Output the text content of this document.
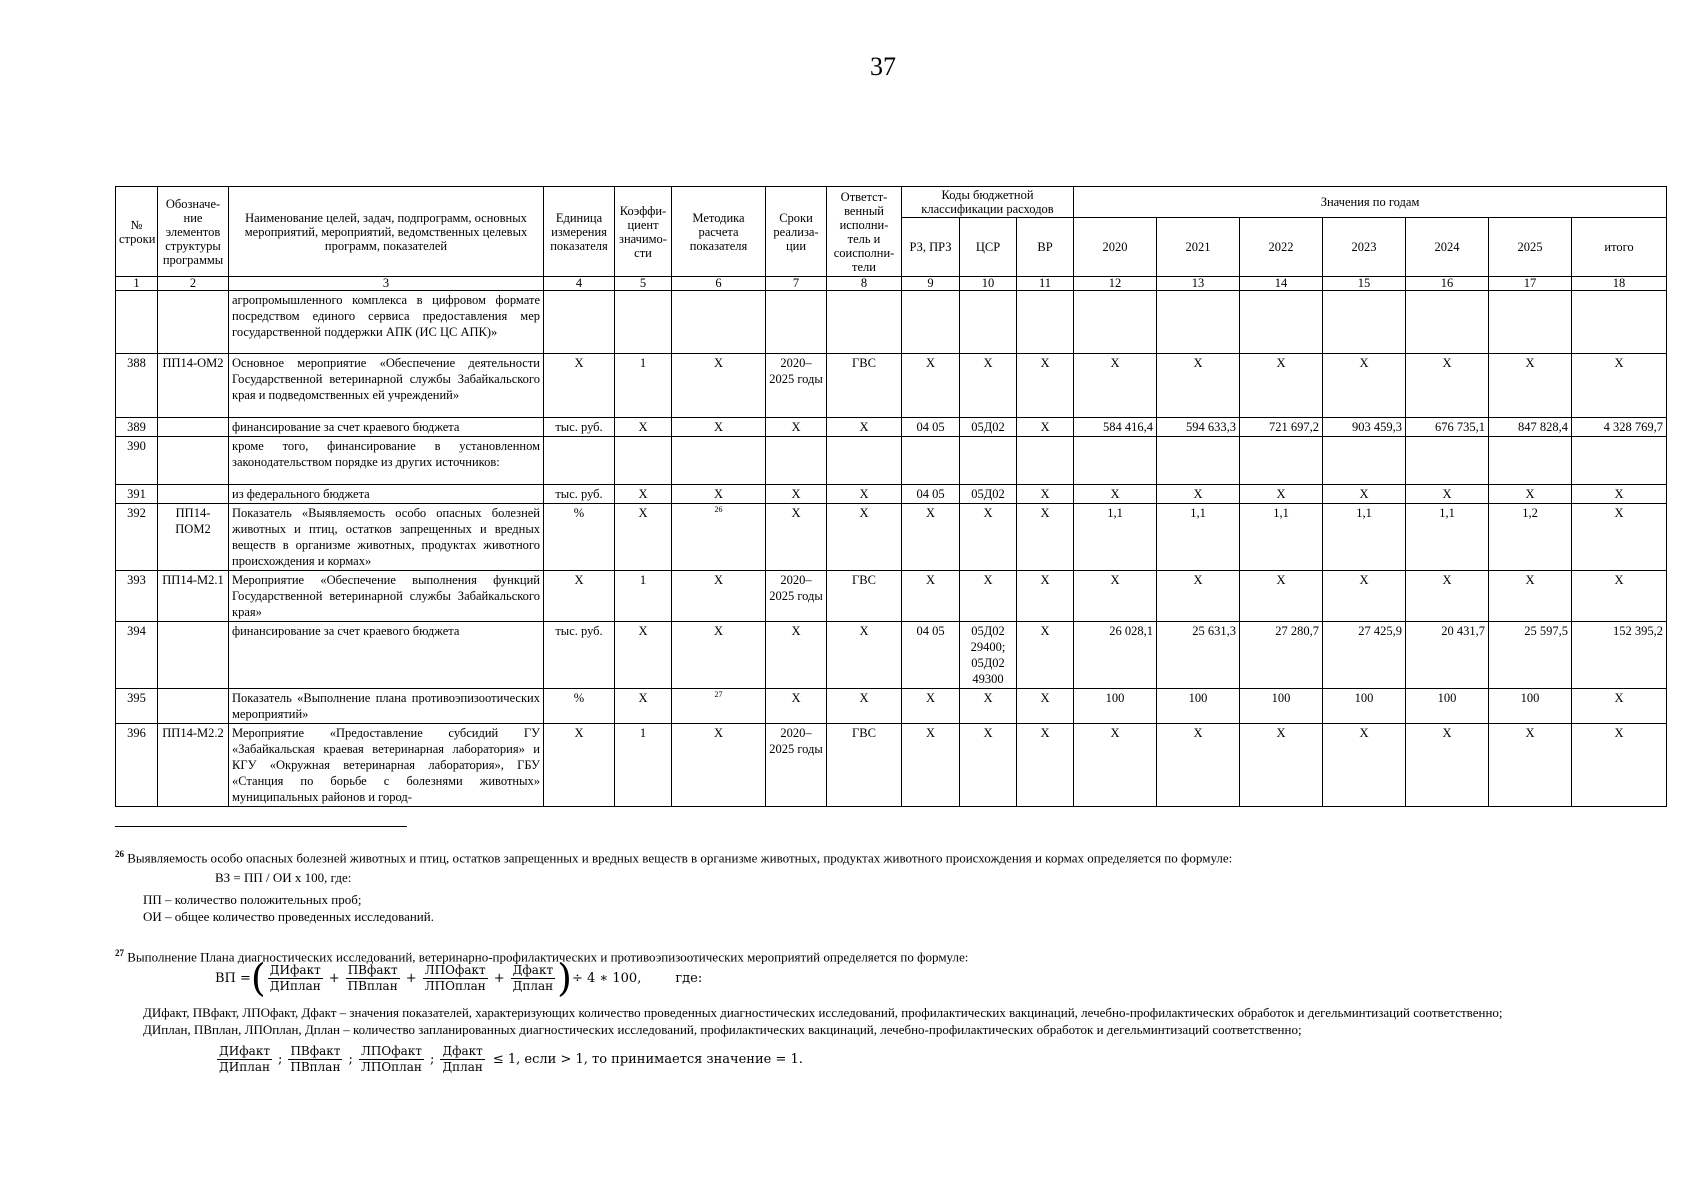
37
№ строки	Обозначе-ние элементов структуры программы	Наименование целей, задач, подпрограмм, основных мероприятий, мероприятий, ведомственных целевых программ, показателей	Единица измерения показателя	Коэффи-циент значимо-сти	Методика расчета показателя	Сроки реализа-ции	Ответст-венный исполни-тель и соисполни-тели	Коды бюджетной классификации расходов			Значения по годам						
								РЗ, ПРЗ	ЦСР	ВР	2020	2021	2022	2023	2024	2025	итого
1	2	3	4	5	6	7	8	9	10	11	12	13	14	15	16	17	18
		агропромышленного комплекса в цифровом формате посредством единого сервиса предоставления мер государственной поддержки АПК (ИС ЦС АПК)»															
388	ПП14-ОМ2	Основное мероприятие «Обеспечение деятельности Государственной ветеринарной службы Забайкальского края и подведомственных ей учреждений»	Х	1	Х	2020–2025 годы	ГВС	Х	Х	Х	Х	Х	Х	Х	Х	Х	Х
389		финансирование за счет краевого бюджета	тыс. руб.	Х	Х	Х	Х	04 05	05Д02	Х	584 416,4	594 633,3	721 697,2	903 459,3	676 735,1	847 828,4	4 328 769,7
390		кроме того, финансирование в установленном законодательством порядке из других источников:															
391		из федерального бюджета	тыс. руб.	Х	Х	Х	Х	04 05	05Д02	Х	Х	Х	Х	Х	Х	Х	Х
392	ПП14-ПОМ2	Показатель «Выявляемость особо опасных болезней животных и птиц, остатков запрещенных и вредных веществ в организме животных, продуктах животного происхождения и кормах»	%	Х	$^{26}$	Х	Х	Х	Х	Х	1,1	1,1	1,1	1,1	1,1	1,2	Х
393	ПП14-М2.1	Мероприятие «Обеспечение выполнения функций Государственной ветеринарной службы Забайкальского края»	Х	1	Х	2020–2025 годы	ГВС	Х	Х	Х	Х	Х	Х	Х	Х	Х	Х
394		финансирование за счет краевого бюджета	тыс. руб.	Х	Х	Х	Х	04 05	05Д02 29400; 05Д02 49300	Х	26 028,1	25 631,3	27 280,7	27 425,9	20 431,7	25 597,5	152 395,2
395		Показатель «Выполнение плана противоэпизоотических мероприятий»	%	Х	$^{27}$	Х	Х	Х	Х	Х	100	100	100	100	100	100	Х
396	ПП14-М2.2	Мероприятие «Предоставление субсидий ГУ «Забайкальская краевая ветеринарная лаборатория» и КГУ «Окружная ветеринарная лаборатория», ГБУ «Станция по борьбе с болезнями животных» муниципальных районов и город-	Х	1	Х	2020–2025 годы	ГВС	Х	Х	Х	Х	Х	Х	Х	Х	Х	Х
$^{26}$ Выявляемость особо опасных болезней животных и птиц, остатков запрещенных и вредных веществ в организме животных, продуктах животного происхождения и кормах определяется по формуле:
ВЗ = ПП / ОИ х 100, где:
ПП – количество положительных проб;
ОИ – общее количество проведенных исследований.
$^{27}$ Выполнение Плана диагностических исследований, ветеринарно-профилактических и противоэпизоотических мероприятий определяется по формуле:
ВП = ( $\frac{\text{ДИфакт}}{\text{ДИплан}} + \frac{\text{ПВфакт}}{\text{ПВплан}} + \frac{\text{ЛПОфакт}}{\text{ЛПОплан}} + \frac{\text{Дфакт}}{\text{Дплан}}$ ) ÷ 4 ∗ 100,	где:
ДИфакт, ПВфакт, ЛПОфакт, Дфакт – значения показателей, характеризующих количество проведенных диагностических исследований, профилактических вакцинаций, лечебно-профилактических обработок и дегельминтизаций соответственно;
ДИплан, ПВплан, ЛПОплан, Дплан – количество запланированных диагностических исследований, профилактических вакцинаций, лечебно-профилактических обработок и дегельминтизаций соответственно;
$\frac{\text{ДИфакт}}{\text{ДИплан}}$ ; $\frac{\text{ПВфакт}}{\text{ПВплан}}$ ; $\frac{\text{ЛПОфакт}}{\text{ЛПОплан}}$ ; $\frac{\text{Дфакт}}{\text{Дплан}} \le 1$, если > 1, то принимается значение = 1.
